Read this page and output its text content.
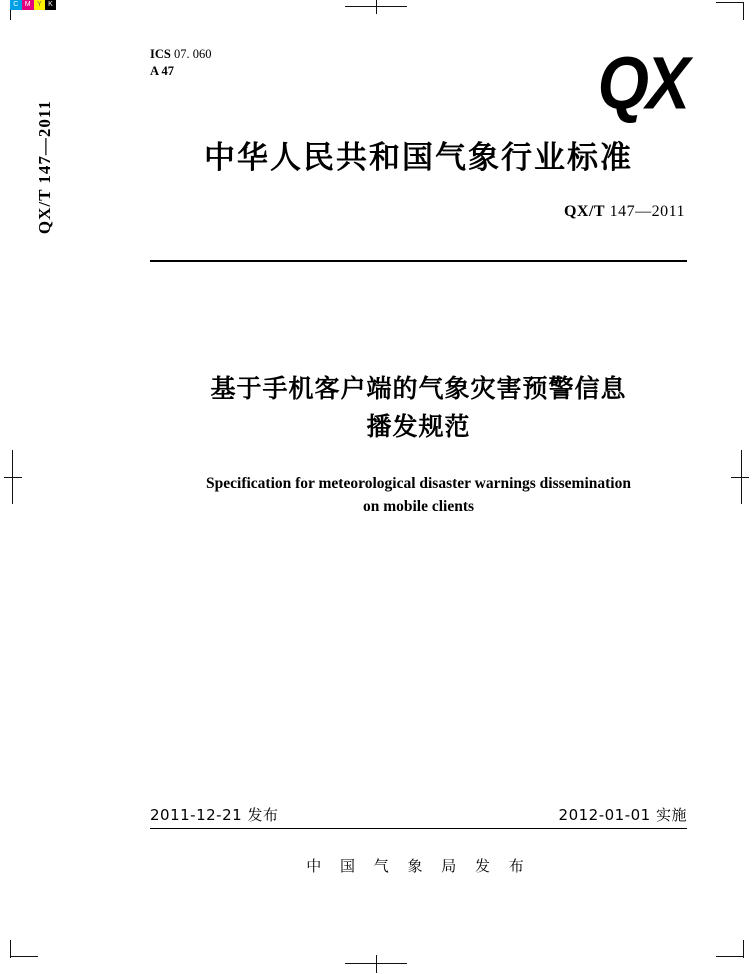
C M Y K
QX/T 147—2011
ICS 07. 060
A 47	QX
中华人民共和国气象行业标准
QX/T 147—2011
基于手机客户端的气象灾害预警信息
播发规范
Specification for meteorological disaster warnings dissemination
on mobile clients
2011-12-21 发布	2012-01-01 实施
中 国 气 象 局 发 布
